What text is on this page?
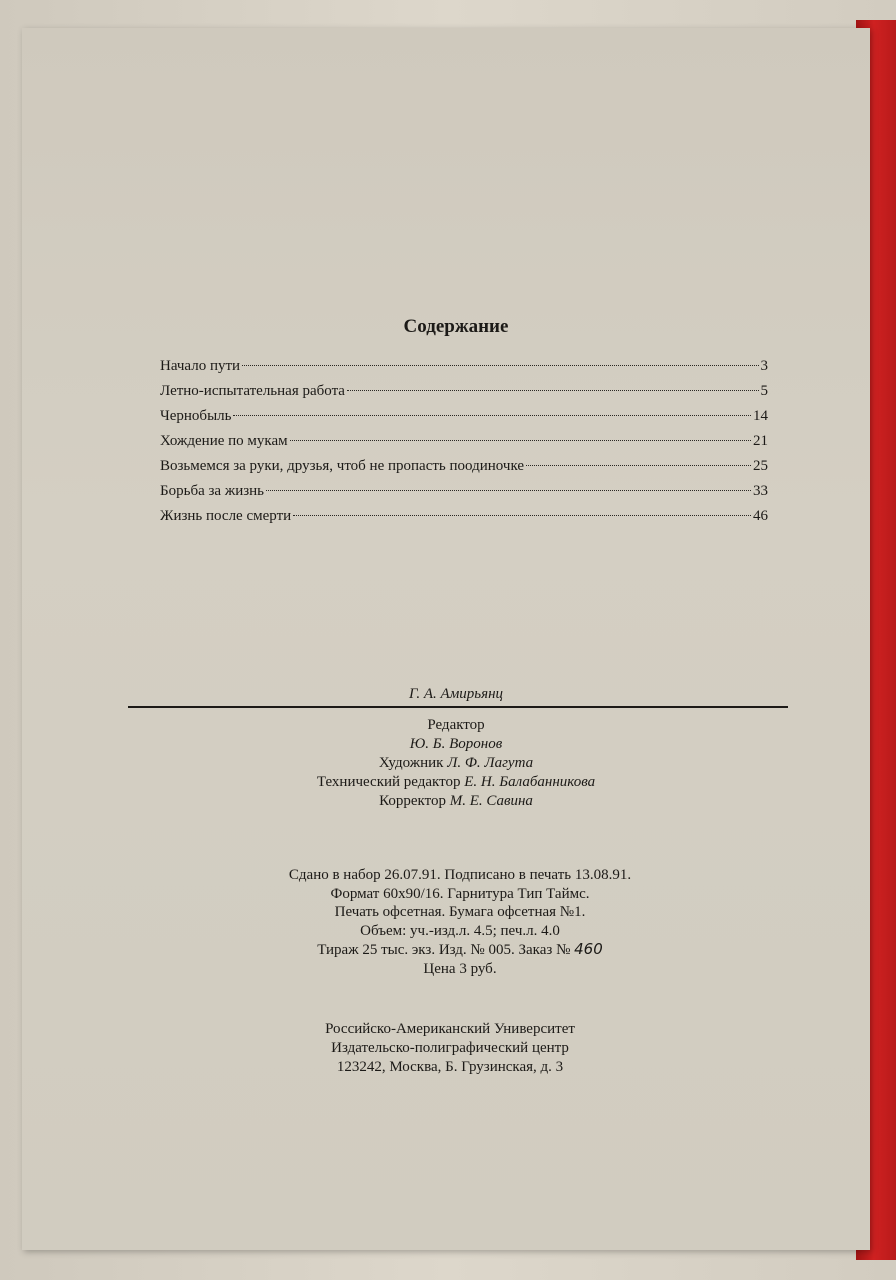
Содержание
Начало пути	3
Летно-испытательная работа	5
Чернобыль	14
Хождение по мукам	21
Возьмемся за руки, друзья, чтоб не пропасть поодиночке	25
Борьба за жизнь	33
Жизнь после смерти	46
Г. А. Амирьянц
Редактор
Ю. Б. Воронов
Художник Л. Ф. Лагута
Технический редактор Е. Н. Балабанникова
Корректор М. Е. Савина
Сдано в набор 26.07.91. Подписано в печать 13.08.91.
Формат 60x90/16. Гарнитура Тип Таймс.
Печать офсетная. Бумага офсетная №1.
Объем: уч.-изд.л. 4.5; печ.л. 4.0
Тираж 25 тыс. экз. Изд. № 005. Заказ № 460
Цена 3 руб.
Российско-Американский Университет
Издательско-полиграфический центр
123242, Москва, Б. Грузинская, д. 3
